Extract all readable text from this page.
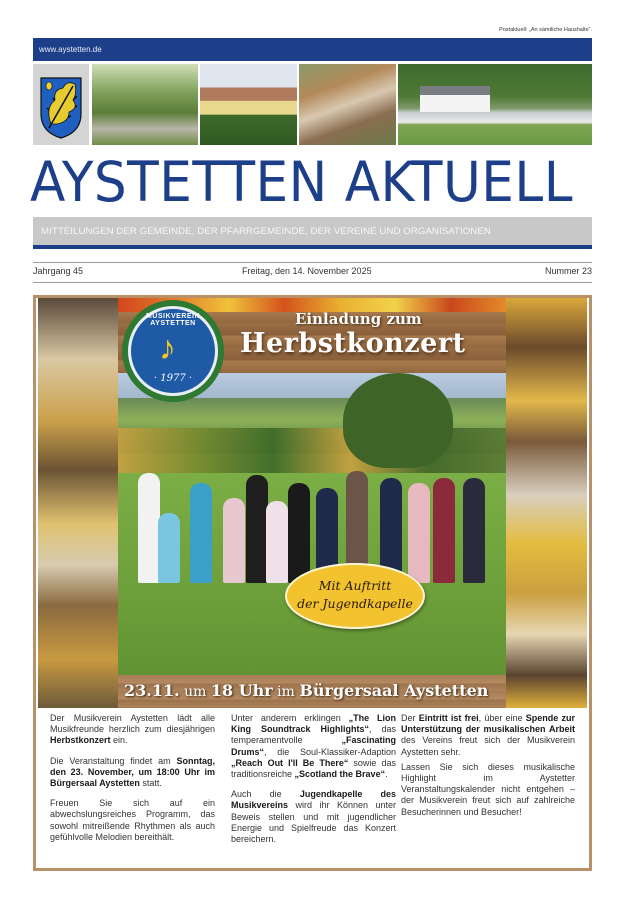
Postaktuell: „An sämtliche Haushalte“.
www.aystetten.de
AYSTETTEN AKTUELL
MITTEILUNGEN DER GEMEINDE, DER PFARRGEMEINDE, DER VEREINE UND ORGANISATIONEN
Jahrgang 45	Freitag, den 14. November 2025	Nummer 23
MUSIKVEREIN AYSTETTEN
♪
· 1977 ·
Einladung zum
Herbstkonzert
Mit Auftritt
der Jugendkapelle
23.11. um 18 Uhr im Bürgersaal Aystetten

Der Musikverein Aystetten lädt alle Musikfreunde herzlich zum diesjährigen Herbstkonzert ein.

Die Veranstaltung findet am Sonntag, den 23. November, um 18:00 Uhr im Bürgersaal Aystetten statt.

Freuen Sie sich auf ein abwechslungsreiches Programm, das sowohl mitreißende Rhythmen als auch gefühlvolle Melodien bereithält.

Unter anderem erklingen „The Lion King Soundtrack Highlights“, das temperamentvolle „Fascinating Drums“, die Soul-Klassiker-Adaption „Reach Out I'll Be There“ sowie das traditionsreiche „Scotland the Brave“.

Auch die Jugendkapelle des Musikvereins wird ihr Können unter Beweis stellen und mit jugendlicher Energie und Spielfreude das Konzert bereichern.

Der Eintritt ist frei, über eine Spende zur Unterstützung der musikalischen Arbeit des Vereins freut sich der Musikverein Aystetten sehr.

Lassen Sie sich dieses musikalische Highlight im Aystetter Veranstaltungskalender nicht entgehen – der Musikverein freut sich auf zahlreiche Besucherinnen und Besucher!
